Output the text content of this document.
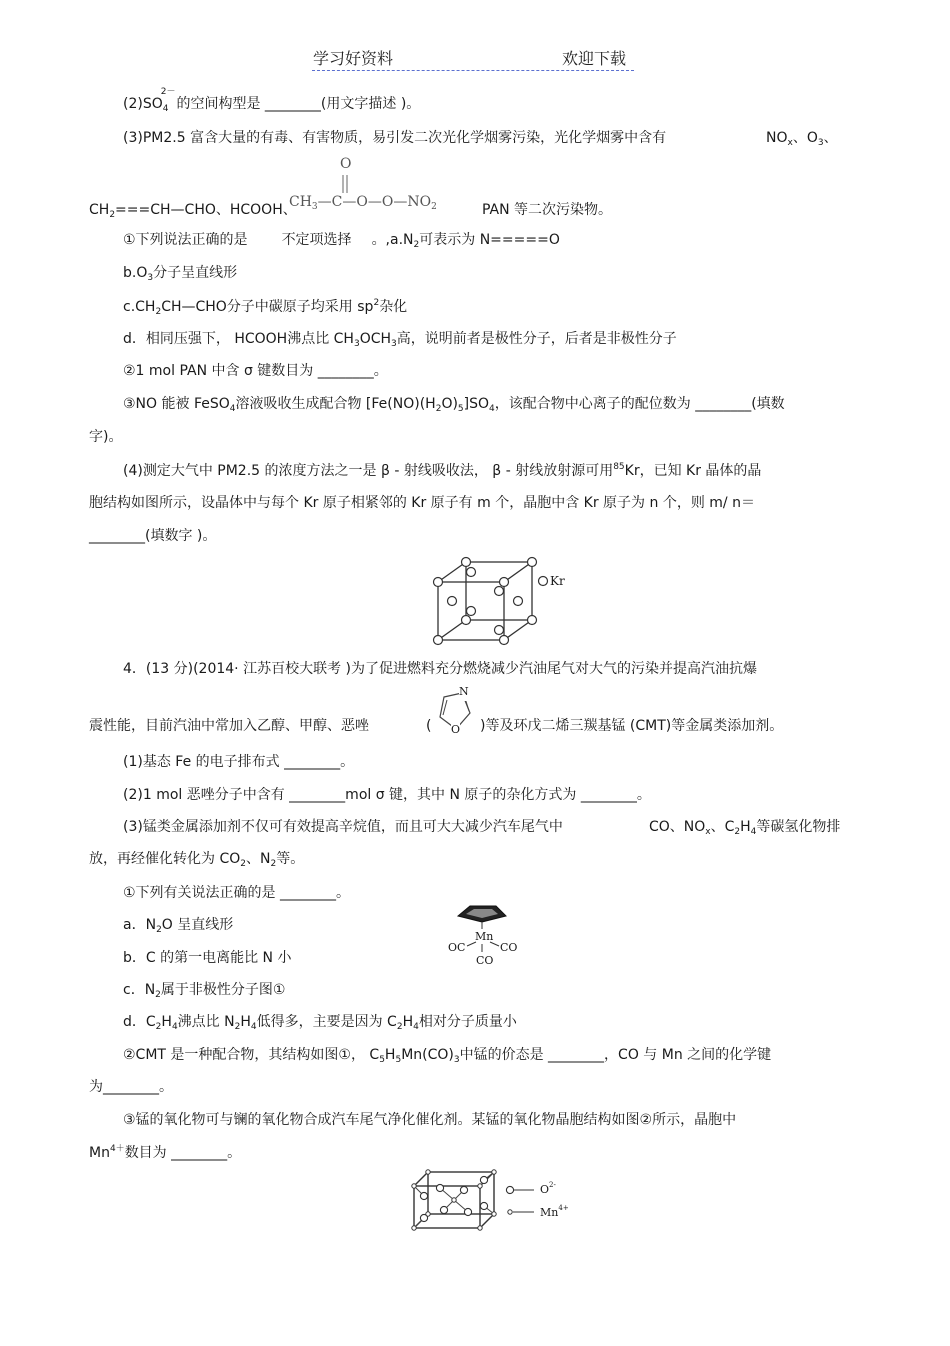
学习好资料	欢迎下载
(2)SO
2－
$_4$ 的空间构型是 ________(用文字描述 )。
(3)PM2.5 富含大量的有毒、有害物质，易引发二次光化学烟雾污染，光化学烟雾中含有	$NO_x$、$O_3$、
O
$CH_3—C—O—O—NO_2$
$CH_2===CH—CHO$、HCOOH、	PAN 等二次污染物。
①下列说法正确的是 不定项选择 。$,a.N_2$可表示为 N=====O
$b.O_3$分子呈直线形
$c.CH_2CH—CHO$分子中碳原子均采用 $sp^2$杂化
d．相同压强下， HCOOH沸点比 $CH_3OCH_3$高，说明前者是极性分子，后者是非极性分子
②1 mol PAN 中含 σ 键数目为 ________。
③NO 能被 FeSO$_4$溶液吸收生成配合物 $[Fe(NO)(H_2O)_5]SO_4$，该配合物中心离子的配位数为 ________(填数
字)。
(4)测定大气中 PM2.5 的浓度方法之一是 β - 射线吸收法， β - 射线放射源可用$^{85}$Kr，已知 Kr 晶体的晶
胞结构如图所示，设晶体中与每个 Kr 原子相紧邻的 Kr 原子有 m 个，晶胞中含 Kr 原子为 n 个，则 m/ n＝
________(填数字 )。
Kr
4．(13 分)(2014· 江苏百校大联考 )为了促进燃料充分燃烧减少汽油尾气对大气的污染并提高汽油抗爆
N
O
震性能，目前汽油中常加入乙醇、甲醇、恶唑	(	)等及环戊二烯三羰基锰 (CMT)等金属类添加剂。
(1)基态 Fe 的电子排布式 ________。
(2)1 mol 恶唑分子中含有 ________mol σ 键，其中 N 原子的杂化方式为 ________。
(3)锰类金属添加剂不仅可有效提高辛烷值，而且可大大减少汽车尾气中	CO、$NO_x$、$C_2H_4$等碳氢化物排
放，再经催化转化为 $CO_2$、$N_2$等。
①下列有关说法正确的是 ________。
a．$N_2O$ 呈直线形
b．C 的第一电离能比 N 小
c．$N_2$属于非极性分子图①
d．$C_2H_4$沸点比 $N_2H_4$低得多，主要是因为 $C_2H_4$相对分子质量小
Mn
OC	CO
CO
②CMT 是一种配合物，其结构如图①， $C_5H_5Mn(CO)_3$中锰的价态是 ________，CO 与 Mn 之间的化学键
为________。
③锰的氧化物可与镧的氧化物合成汽车尾气净化催化剂。某锰的氧化物晶胞结构如图②所示，晶胞中
$Mn^{4+}$数目为 ________。
$O^{2-}$
$Mn^{4+}$
